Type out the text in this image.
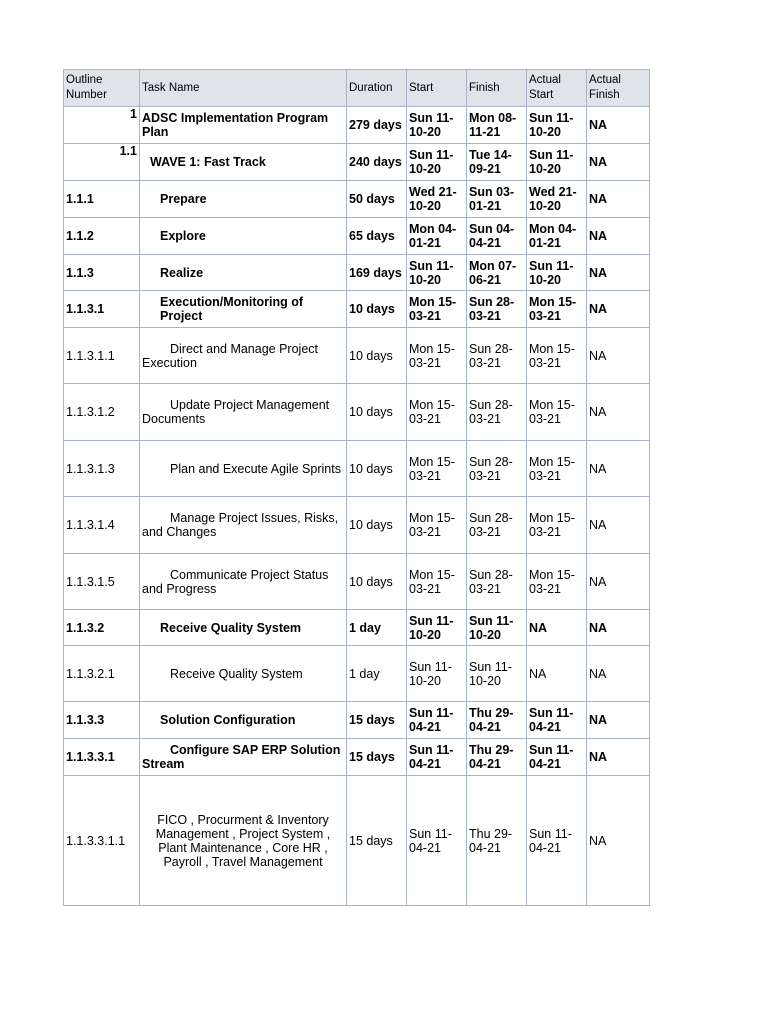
Outline Number	Task Name	Duration	Start	Finish	Actual Start	Actual Finish
1	ADSC Implementation Program Plan	279 days	Sun 11-10-20	Mon 08-11-21	Sun 11-10-20	NA
1.1	WAVE 1: Fast Track	240 days	Sun 11-10-20	Tue 14-09-21	Sun 11-10-20	NA
1.1.1	Prepare	50 days	Wed 21-10-20	Sun 03-01-21	Wed 21-10-20	NA
1.1.2	Explore	65 days	Mon 04-01-21	Sun 04-04-21	Mon 04-01-21	NA
1.1.3	Realize	169 days	Sun 11-10-20	Mon 07-06-21	Sun 11-10-20	NA
1.1.3.1	Execution/Monitoring of Project	10 days	Mon 15-03-21	Sun 28-03-21	Mon 15-03-21	NA
1.1.3.1.1	Direct and Manage Project Execution	10 days	Mon 15-03-21	Sun 28-03-21	Mon 15-03-21	NA
1.1.3.1.2	Update Project Management Documents	10 days	Mon 15-03-21	Sun 28-03-21	Mon 15-03-21	NA
1.1.3.1.3	Plan and Execute Agile Sprints	10 days	Mon 15-03-21	Sun 28-03-21	Mon 15-03-21	NA
1.1.3.1.4	Manage Project Issues, Risks, and Changes	10 days	Mon 15-03-21	Sun 28-03-21	Mon 15-03-21	NA
1.1.3.1.5	Communicate Project Status and Progress	10 days	Mon 15-03-21	Sun 28-03-21	Mon 15-03-21	NA
1.1.3.2	Receive Quality System	1 day	Sun 11-10-20	Sun 11-10-20	NA	NA
1.1.3.2.1	Receive Quality System	1 day	Sun 11-10-20	Sun 11-10-20	NA	NA
1.1.3.3	Solution Configuration	15 days	Sun 11-04-21	Thu 29-04-21	Sun 11-04-21	NA
1.1.3.3.1	Configure SAP ERP Solution Stream	15 days	Sun 11-04-21	Thu 29-04-21	Sun 11-04-21	NA
1.1.3.3.1.1	FICO , Procurment & Inventory Management , Project System , Plant Maintenance , Core HR , Payroll , Travel Management	15 days	Sun 11-04-21	Thu 29-04-21	Sun 11-04-21	NA
